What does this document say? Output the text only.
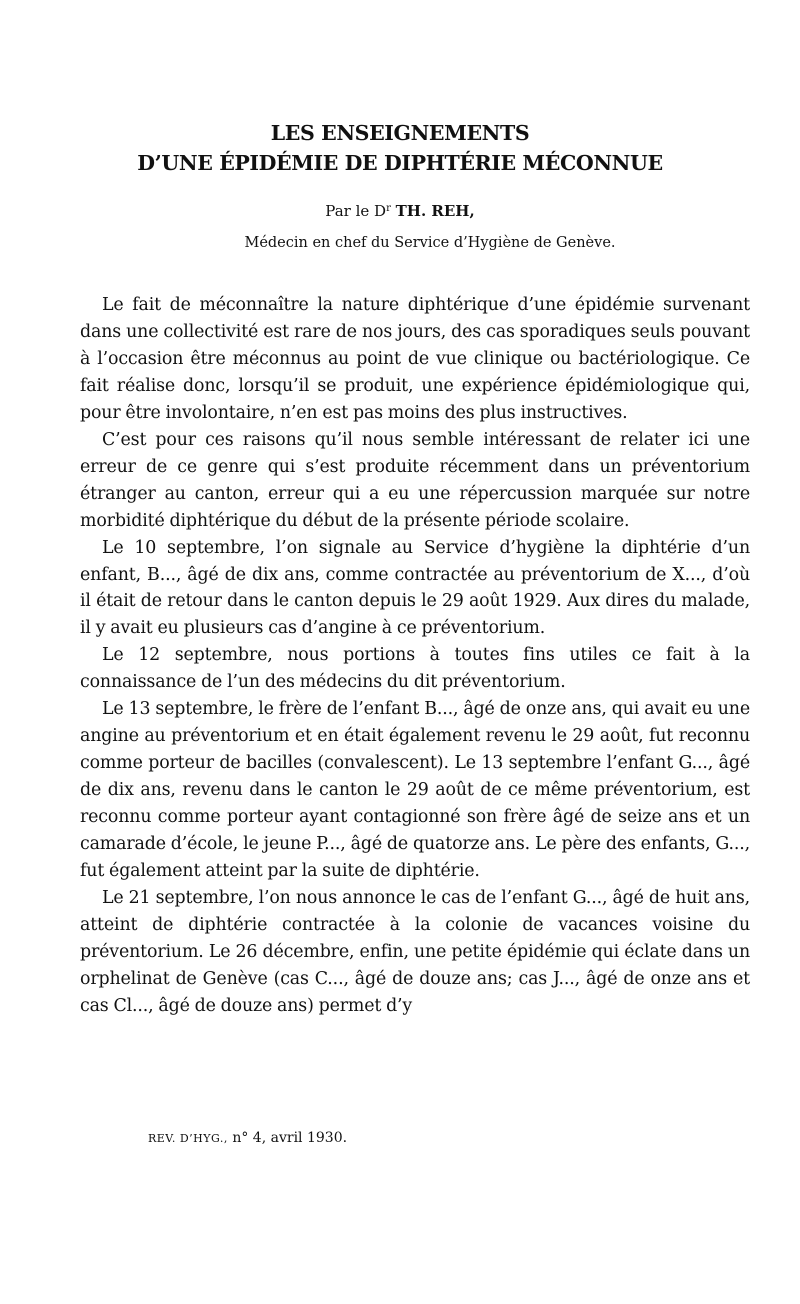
LES ENSEIGNEMENTS
D’UNE ÉPIDÉMIE DE DIPHTÉRIE MÉCONNUE
Par le $D^r$ TH. REH,
Médecin en chef du Service d’Hygiène de Genève.

Le fait de méconnaître la nature diphtérique d’une épidémie survenant dans une collectivité est rare de nos jours, des cas sporadiques seuls pouvant à l’occasion être méconnus au point de vue clinique ou bactériologique. Ce fait réalise donc, lorsqu’il se produit, une expérience épidémiologique qui, pour être involontaire, n’en est pas moins des plus instructives.

C’est pour ces raisons qu’il nous semble intéressant de relater ici une erreur de ce genre qui s’est produite récemment dans un préventorium étranger au canton, erreur qui a eu une répercussion marquée sur notre morbidité diphtérique du début de la présente période scolaire.

Le 10 septembre, l’on signale au Service d’hygiène la diphtérie d’un enfant, B..., âgé de dix ans, comme contractée au préventorium de X..., d’où il était de retour dans le canton depuis le 29 août 1929. Aux dires du malade, il y avait eu plusieurs cas d’angine à ce préventorium.

Le 12 septembre, nous portions à toutes fins utiles ce fait à la connaissance de l’un des médecins du dit préventorium.

Le 13 septembre, le frère de l’enfant B..., âgé de onze ans, qui avait eu une angine au préventorium et en était également revenu le 29 août, fut reconnu comme porteur de bacilles (convalescent). Le 13 septembre l’enfant G..., âgé de dix ans, revenu dans le canton le 29 août de ce même préventorium, est reconnu comme porteur ayant contagionné son frère âgé de seize ans et un camarade d’école, le jeune P..., âgé de quatorze ans. Le père des enfants, G..., fut également atteint par la suite de diphtérie.

Le 21 septembre, l’on nous annonce le cas de l’enfant G..., âgé de huit ans, atteint de diphtérie contractée à la colonie de vacances voisine du préventorium. Le 26 décembre, enfin, une petite épidémie qui éclate dans un orphelinat de Genève (cas C..., âgé de douze ans; cas J..., âgé de onze ans et cas Cl..., âgé de douze ans) permet d’y

REV. D’HYG., n° 4, avril 1930.
